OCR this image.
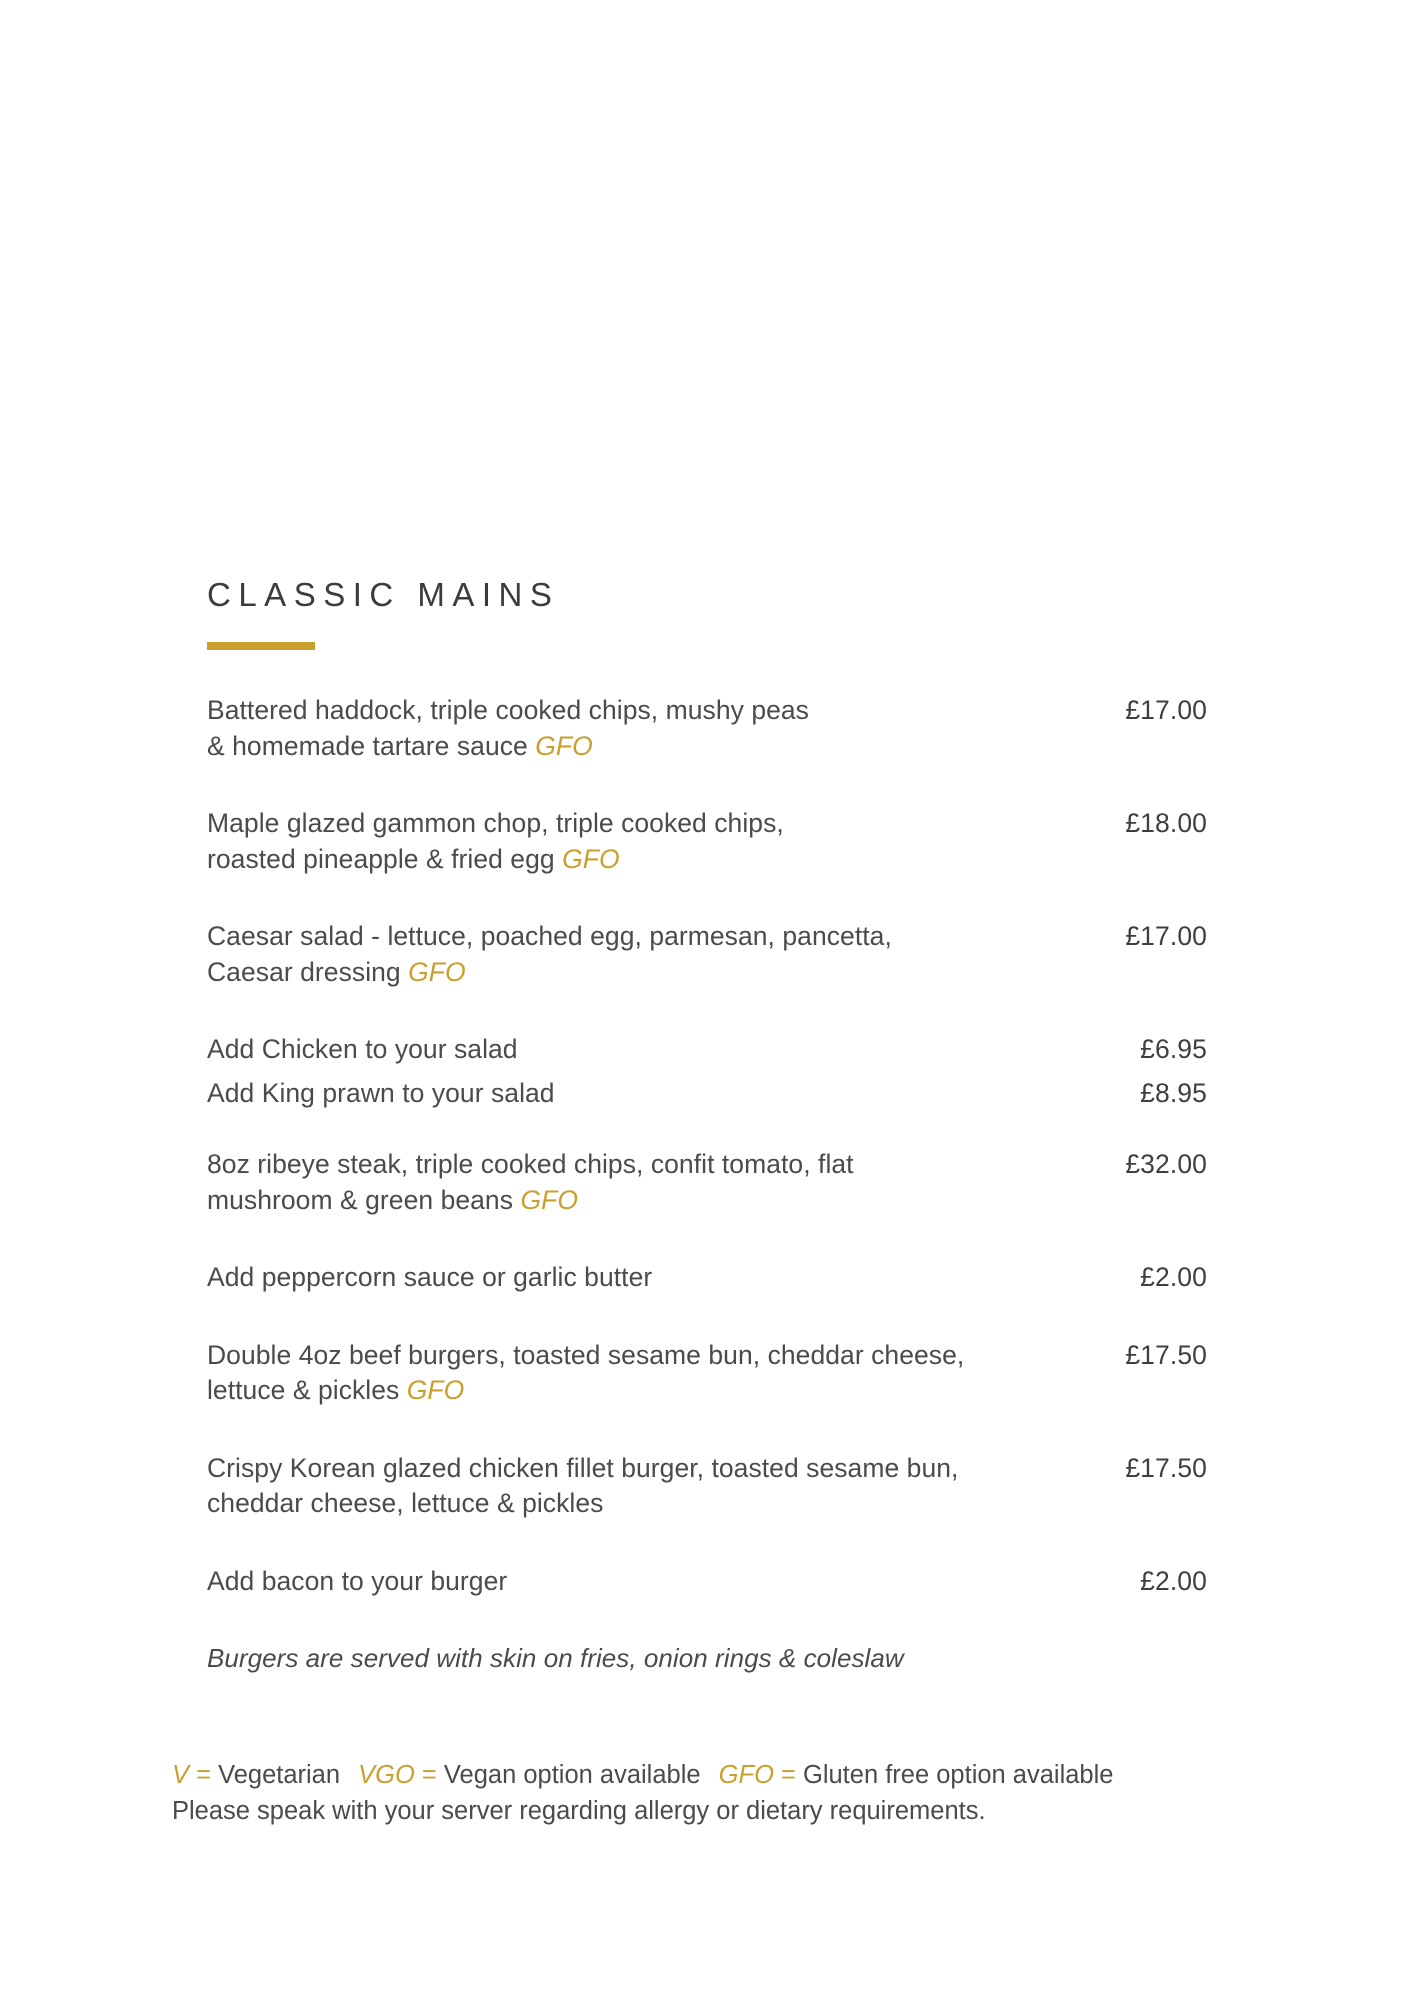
CLASSIC MAINS
Battered haddock, triple cooked chips, mushy peas
& homemade tartare sauce GFO
£17.00
Maple glazed gammon chop, triple cooked chips,
roasted pineapple & fried egg GFO
£18.00
Caesar salad - lettuce, poached egg, parmesan, pancetta,
Caesar dressing GFO
£17.00
Add Chicken to your salad	£6.95
Add King prawn to your salad	£8.95
8oz ribeye steak, triple cooked chips, confit tomato, flat
mushroom & green beans GFO
£32.00
Add peppercorn sauce or garlic butter	£2.00
Double 4oz beef burgers, toasted sesame bun, cheddar cheese,
lettuce & pickles GFO
£17.50
Crispy Korean glazed chicken fillet burger, toasted sesame bun,
cheddar cheese, lettuce & pickles
£17.50
Add bacon to your burger	£2.00
Burgers are served with skin on fries, onion rings & coleslaw
V = Vegetarian VGO = Vegan option available GFO = Gluten free option available
Please speak with your server regarding allergy or dietary requirements.
